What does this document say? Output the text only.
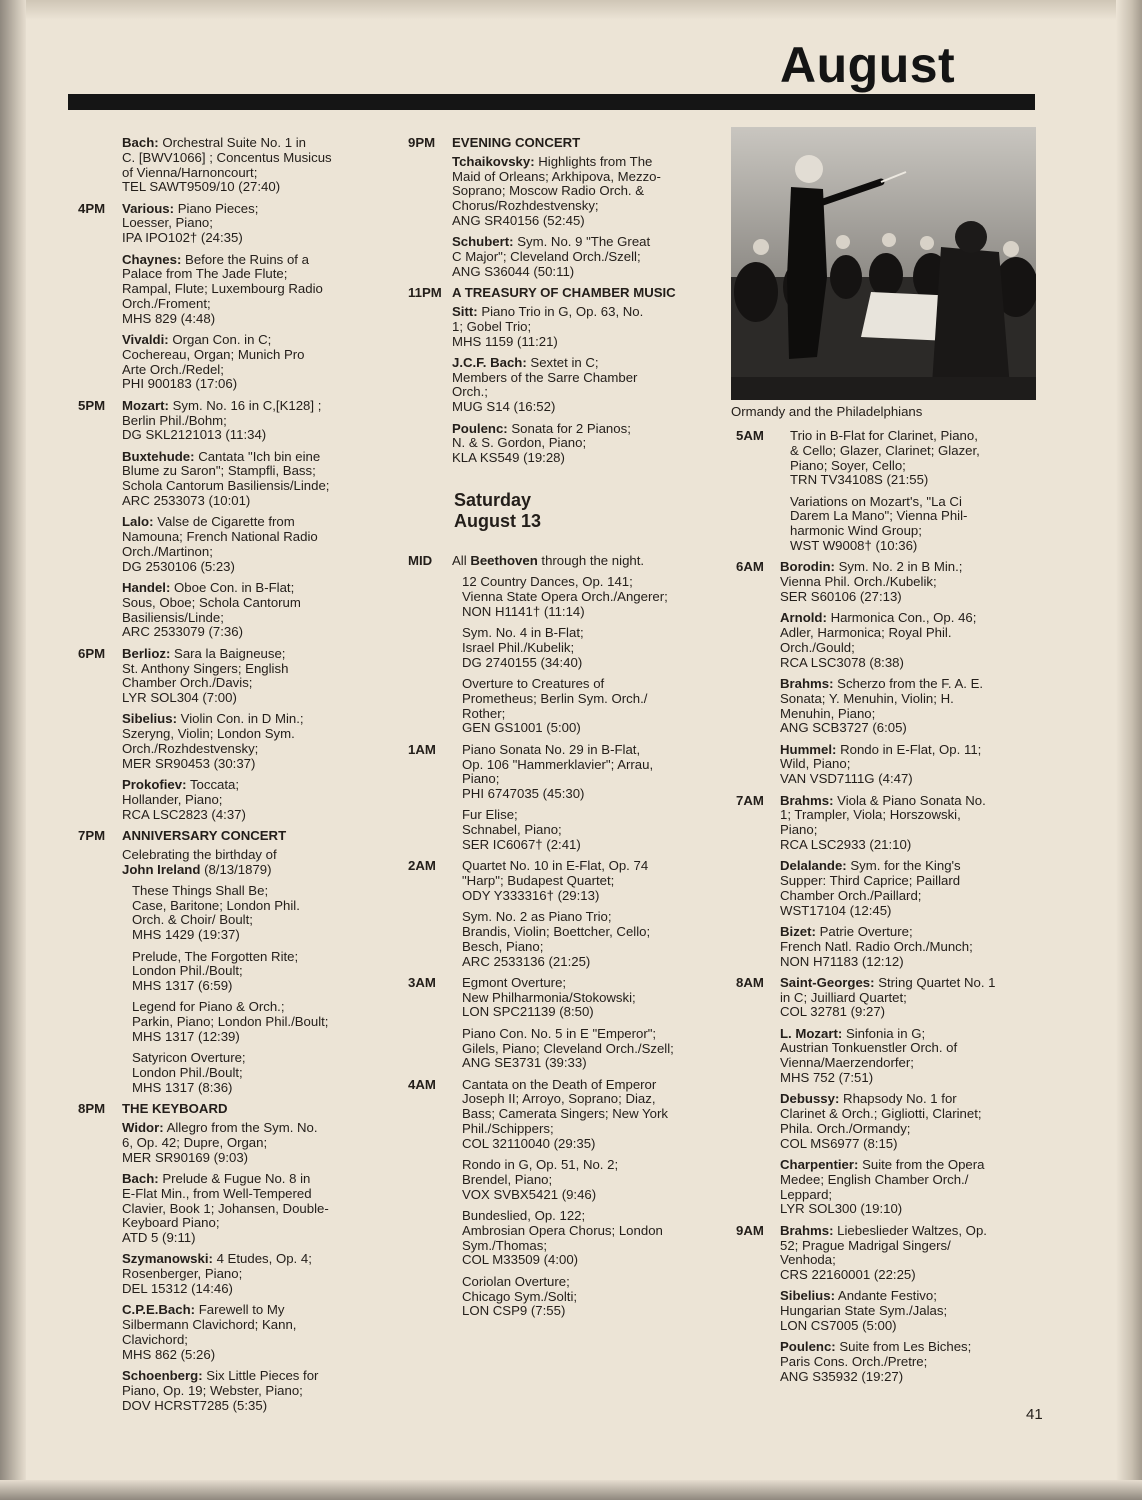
August
Bach: Orchestral Suite No. 1 in
C. [BWV1066] ; Concentus Musicus
of Vienna/Harnoncourt;
TEL SAWT9509/10 (27:40)
4PM Various: Piano Pieces;
Loesser, Piano;
IPA IPO102† (24:35)
Chaynes: Before the Ruins of a
Palace from The Jade Flute;
Rampal, Flute; Luxembourg Radio
Orch./Froment;
MHS 829 (4:48)
Vivaldi: Organ Con. in C;
Cochereau, Organ; Munich Pro
Arte Orch./Redel;
PHI 900183 (17:06)
5PM Mozart: Sym. No. 16 in C,[K128] ;
Berlin Phil./Bohm;
DG SKL2121013 (11:34)
Buxtehude: Cantata "Ich bin eine
Blume zu Saron"; Stampfli, Bass;
Schola Cantorum Basiliensis/Linde;
ARC 2533073 (10:01)
Lalo: Valse de Cigarette from
Namouna; French National Radio
Orch./Martinon;
DG 2530106 (5:23)
Handel: Oboe Con. in B-Flat;
Sous, Oboe; Schola Cantorum
Basiliensis/Linde;
ARC 2533079 (7:36)
6PM Berlioz: Sara la Baigneuse;
St. Anthony Singers; English
Chamber Orch./Davis;
LYR SOL304 (7:00)
Sibelius: Violin Con. in D Min.;
Szeryng, Violin; London Sym.
Orch./Rozhdestvensky;
MER SR90453 (30:37)
Prokofiev: Toccata;
Hollander, Piano;
RCA LSC2823 (4:37)
7PM ANNIVERSARY CONCERT
Celebrating the birthday of
John Ireland (8/13/1879)
These Things Shall Be;
Case, Baritone; London Phil.
Orch. & Choir/ Boult;
MHS 1429 (19:37)
Prelude, The Forgotten Rite;
London Phil./Boult;
MHS 1317 (6:59)
Legend for Piano & Orch.;
Parkin, Piano; London Phil./Boult;
MHS 1317 (12:39)
Satyricon Overture;
London Phil./Boult;
MHS 1317 (8:36)
8PM THE KEYBOARD
Widor: Allegro from the Sym. No.
6, Op. 42; Dupre, Organ;
MER SR90169 (9:03)
Bach: Prelude & Fugue No. 8 in
E-Flat Min., from Well-Tempered
Clavier, Book 1; Johansen, Double-
Keyboard Piano;
ATD 5 (9:11)
Szymanowski: 4 Etudes, Op. 4;
Rosenberger, Piano;
DEL 15312 (14:46)
C.P.E.Bach: Farewell to My
Silbermann Clavichord; Kann,
Clavichord;
MHS 862 (5:26)
Schoenberg: Six Little Pieces for
Piano, Op. 19; Webster, Piano;
DOV HCRST7285 (5:35)
9PM EVENING CONCERT
Tchaikovsky: Highlights from The
Maid of Orleans; Arkhipova, Mezzo-
Soprano; Moscow Radio Orch. &
Chorus/Rozhdestvensky;
ANG SR40156 (52:45)
Schubert: Sym. No. 9 "The Great
C Major"; Cleveland Orch./Szell;
ANG S36044 (50:11)
11PM A TREASURY OF CHAMBER MUSIC
Sitt: Piano Trio in G, Op. 63, No.
1; Gobel Trio;
MHS 1159 (11:21)
J.C.F. Bach: Sextet in C;
Members of the Sarre Chamber
Orch.;
MUG S14 (16:52)
Poulenc: Sonata for 2 Pianos;
N. & S. Gordon, Piano;
KLA KS549 (19:28)
Saturday
August 13
MID All Beethoven through the night.
12 Country Dances, Op. 141;
Vienna State Opera Orch./Angerer;
NON H1141† (11:14)
Sym. No. 4 in B-Flat;
Israel Phil./Kubelik;
DG 2740155 (34:40)
Overture to Creatures of
Prometheus; Berlin Sym. Orch./
Rother;
GEN GS1001 (5:00)
1AM	Piano Sonata No. 29 in B-Flat,
Op. 106 "Hammerklavier"; Arrau,
Piano;
PHI 6747035 (45:30)
Fur Elise;
Schnabel, Piano;
SER IC6067† (2:41)
2AM	Quartet No. 10 in E-Flat, Op. 74
"Harp"; Budapest Quartet;
ODY Y333316† (29:13)
Sym. No. 2 as Piano Trio;
Brandis, Violin; Boettcher, Cello;
Besch, Piano;
ARC 2533136 (21:25)
3AM	Egmont Overture;
New Philharmonia/Stokowski;
LON SPC21139 (8:50)
Piano Con. No. 5 in E "Emperor";
Gilels, Piano; Cleveland Orch./Szell;
ANG SE3731 (39:33)
4AM	Cantata on the Death of Emperor
Joseph II; Arroyo, Soprano; Diaz,
Bass; Camerata Singers; New York
Phil./Schippers;
COL 32110040 (29:35)
Rondo in G, Op. 51, No. 2;
Brendel, Piano;
VOX SVBX5421 (9:46)
Bundeslied, Op. 122;
Ambrosian Opera Chorus; London
Sym./Thomas;
COL M33509 (4:00)
Coriolan Overture;
Chicago Sym./Solti;
LON CSP9 (7:55)
Ormandy and the Philadelphians
5AM	Trio in B-Flat for Clarinet, Piano,
& Cello; Glazer, Clarinet; Glazer,
Piano; Soyer, Cello;
TRN TV34108S (21:55)
Variations on Mozart's, "La Ci
Darem La Mano"; Vienna Phil-
harmonic Wind Group;
WST W9008† (10:36)
6AM Borodin: Sym. No. 2 in B Min.;
Vienna Phil. Orch./Kubelik;
SER S60106 (27:13)
Arnold: Harmonica Con., Op. 46;
Adler, Harmonica; Royal Phil.
Orch./Gould;
RCA LSC3078 (8:38)
Brahms: Scherzo from the F. A. E.
Sonata; Y. Menuhin, Violin; H.
Menuhin, Piano;
ANG SCB3727 (6:05)
Hummel: Rondo in E-Flat, Op. 11;
Wild, Piano;
VAN VSD7111G (4:47)
7AM Brahms: Viola & Piano Sonata No.
1; Trampler, Viola; Horszowski,
Piano;
RCA LSC2933 (21:10)
Delalande: Sym. for the King's
Supper: Third Caprice; Paillard
Chamber Orch./Paillard;
WST17104 (12:45)
Bizet: Patrie Overture;
French Natl. Radio Orch./Munch;
NON H71183 (12:12)
8AM Saint-Georges: String Quartet No. 1
in C; Juilliard Quartet;
COL 32781 (9:27)
L. Mozart: Sinfonia in G;
Austrian Tonkuenstler Orch. of
Vienna/Maerzendorfer;
MHS 752 (7:51)
Debussy: Rhapsody No. 1 for
Clarinet & Orch.; Gigliotti, Clarinet;
Phila. Orch./Ormandy;
COL MS6977 (8:15)
Charpentier: Suite from the Opera
Medee; English Chamber Orch./
Leppard;
LYR SOL300 (19:10)
9AM Brahms: Liebeslieder Waltzes, Op.
52; Prague Madrigal Singers/
Venhoda;
CRS 22160001 (22:25)
Sibelius: Andante Festivo;
Hungarian State Sym./Jalas;
LON CS7005 (5:00)
Poulenc: Suite from Les Biches;
Paris Cons. Orch./Pretre;
ANG S35932 (19:27)
41
